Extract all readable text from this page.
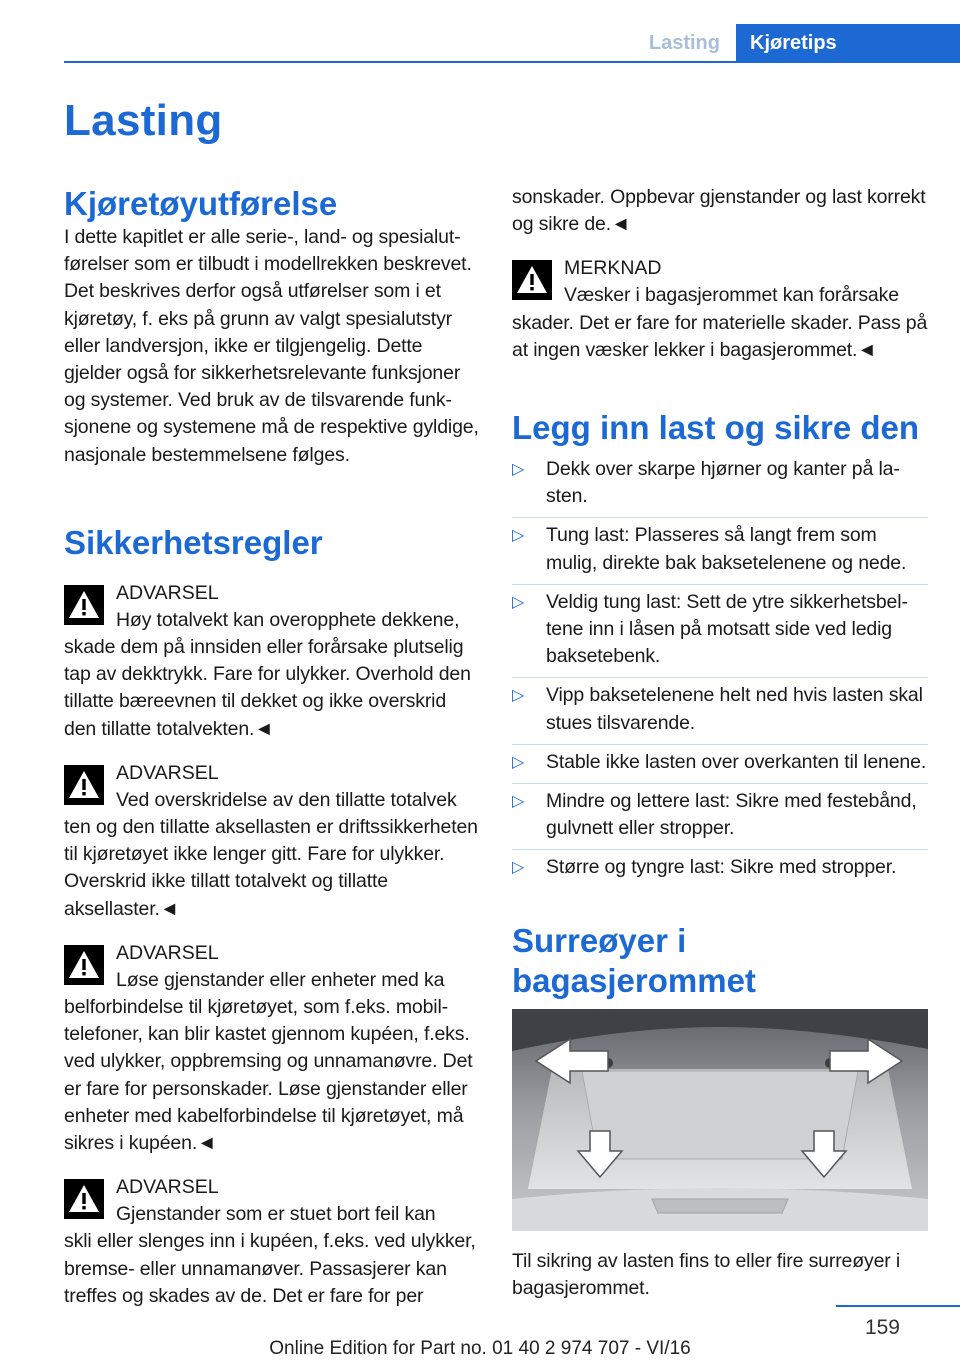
Lasting	Kjøretips
Lasting
Kjøretøyutførelse

I dette kapitlet er alle serie-, land- og spesialutførelser som er tilbudt i modellrekken beskrevet. Det beskrives derfor også utførelser som i et kjøretøy, f. eks på grunn av valgt spesialutstyr eller landversjon, ikke er tilgjengelig. Dette gjelder også for sikkerhetsrelevante funksjoner og systemer. Ved bruk av de tilsvarende funksjonene og systemene må de respektive gyldige, nasjonale bestemmelsene følges.

Sikkerhetsregler
ADVARSEL

Høy totalvekt kan overopphete dekkene,

skade dem på innsiden eller forårsake plutselig tap av dekktrykk. Fare for ulykker. Overhold den tillatte bæreevnen til dekket og ikke overskrid den tillatte totalvekten.◄

ADVARSEL

Ved overskridelse av den tillatte totalvek

ten og den tillatte aksellasten er driftssikkerheten til kjøretøyet ikke lenger gitt. Fare for ulykker. Overskrid ikke tillatt totalvekt og tillatte aksellaster.◄

ADVARSEL

Løse gjenstander eller enheter med ka

belforbindelse til kjøretøyet, som f.eks. mobiltelefoner, kan blir kastet gjennom kupéen, f.eks. ved ulykker, oppbremsing og unnamanøvre. Det er fare for personskader. Løse gjenstander eller enheter med kabelforbindelse til kjøretøyet, må sikres i kupéen.◄

ADVARSEL

Gjenstander som er stuet bort feil kan

skli eller slenges inn i kupéen, f.eks. ved ulykker, bremse- eller unnamanøver. Passasjerer kan treffes og skades av de. Det er fare for per

sonskader. Oppbevar gjenstander og last korrekt og sikre de.◄

MERKNAD

Væsker i bagasjerommet kan forårsake

skader. Det er fare for materielle skader. Pass på at ingen væsker lekker i bagasjerommet.◄

Legg inn last og sikre den
▷ Dekk over skarpe hjørner og kanter på lasten.
▷ Tung last: Plasseres så langt frem som mulig, direkte bak baksetelenene og nede.
▷ Veldig tung last: Sett de ytre sikkerhetsbeltene inn i låsen på motsatt side ved ledig baksetebenk.
▷ Vipp baksetelenene helt ned hvis lasten skal stues tilsvarende.
▷ Stable ikke lasten over overkanten til lenene.
▷ Mindre og lettere last: Sikre med festebånd, gulvnett eller stropper.
▷ Større og tyngre last: Sikre med stropper.
Surreøyer i bagasjerommet

Til sikring av lasten fins to eller fire surreøyer i bagasjerommet.

159
Online Edition for Part no. 01 40 2 974 707 - VI/16
